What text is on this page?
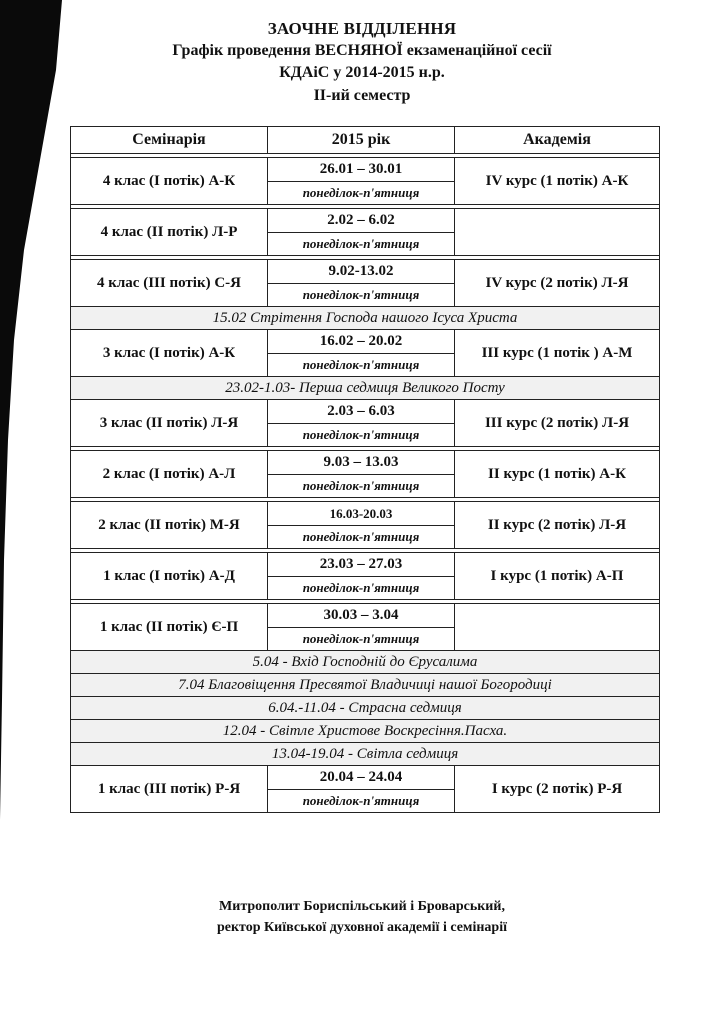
ЗАОЧНЕ ВІДДІЛЕННЯ
Графік проведення ВЕСНЯНОЇ екзаменаційної сесії
КДАіС у 2014-2015 н.р.
ІІ-ий семестр
Семінарія	2015 рік	Академія

4 клас (І потік) А-К	26.01 – 30.01	IV курс (1 потік) А-К
	понеділок-п'ятниця	

4 клас (ІІ потік) Л-Р	2.02 – 6.02	
	понеділок-п'ятниця	

4 клас (ІІІ потік) С-Я	9.02-13.02	IV курс (2 потік) Л-Я
	понеділок-п'ятниця	
15.02 Стрітення Господа нашого Ісуса Христа		
3 клас (І потік) А-К	16.02 – 20.02	ІІІ курс (1 потік ) А-М
	понеділок-п'ятниця	
23.02-1.03- Перша седмиця Великого Посту		
3 клас (ІІ потік) Л-Я	2.03 – 6.03	ІІІ курс (2 потік) Л-Я
	понеділок-п'ятниця	

2 клас (І потік) А-Л	9.03 – 13.03	ІІ курс (1 потік) А-К
	понеділок-п'ятниця	

2 клас (ІІ потік) М-Я	16.03-20.03	ІІ курс (2 потік) Л-Я
	понеділок-п'ятниця	

1 клас (І потік) А-Д	23.03 – 27.03	І курс (1 потік) А-П
	понеділок-п'ятниця	

1 клас (ІІ потік) Є-П	30.03 – 3.04	
	понеділок-п'ятниця	
5.04 - Вхід Господній до Єрусалима		
7.04 Благовіщення Пресвятої Владичиці нашої Богородиці		
6.04.-11.04 - Страсна седмиця		
12.04 - Світле Христове Воскресіння.Пасха.		
13.04-19.04 - Світла седмиця		
1 клас (ІІІ потік) Р-Я	20.04 – 24.04	І курс (2 потік) Р-Я
	понеділок-п'ятниця	
Митрополит Бориспільський і Броварський,
ректор Київської духовної академії і семінарії
